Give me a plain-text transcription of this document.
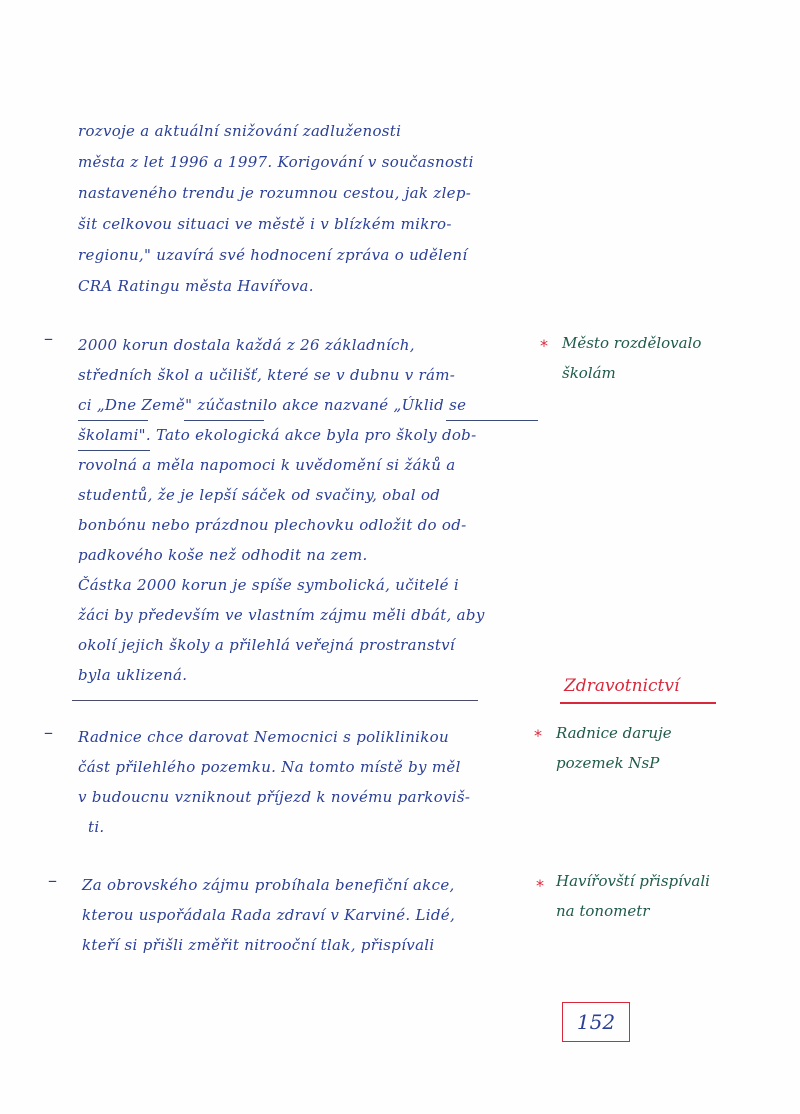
rozvoje a aktuální snižování zadluženosti
města z let 1996 a 1997. Korigování v současnosti
nastaveného trendu je rozumnou cestou, jak zlep-
šit celkovou situaci ve městě i v blízkém mikro-
regionu," uzavírá své hodnocení zpráva o udělení
CRA Ratingu města Havířova.
– 2000 korun dostala každá z 26 základních,
středních škol a učilišť, které se v dubnu v rám-
ci „Dne Země" zúčastnilo akce nazvané „Úklid se
školami". Tato ekologická akce byla pro školy dob-
rovolná a měla napomoci k uvědomění si žáků a
studentů, že je lepší sáček od svačiny, obal od
bonbónu nebo prázdnou plechovku odložit do od-
padkového koše než odhodit na zem.
Částka 2000 korun je spíše symbolická, učitelé i
žáci by především ve vlastním zájmu měli dbát, aby
okolí jejich školy a přilehlá veřejná prostranství
byla uklizená.
* Město rozdělovalo
školám
Zdravotnictví
– Radnice chce darovat Nemocnici s poliklinikou
část přilehlého pozemku. Na tomto místě by měl
v budoucnu vzniknout příjezd k novému parkoviš-
ti.
* Radnice daruje
pozemek NsP
– Za obrovského zájmu probíhala benefiční akce,
kterou uspořádala Rada zdraví v Karviné. Lidé,
kteří si přišli změřit nitrooční tlak, přispívali
* Havířovští přispívali
na tonometr
152
